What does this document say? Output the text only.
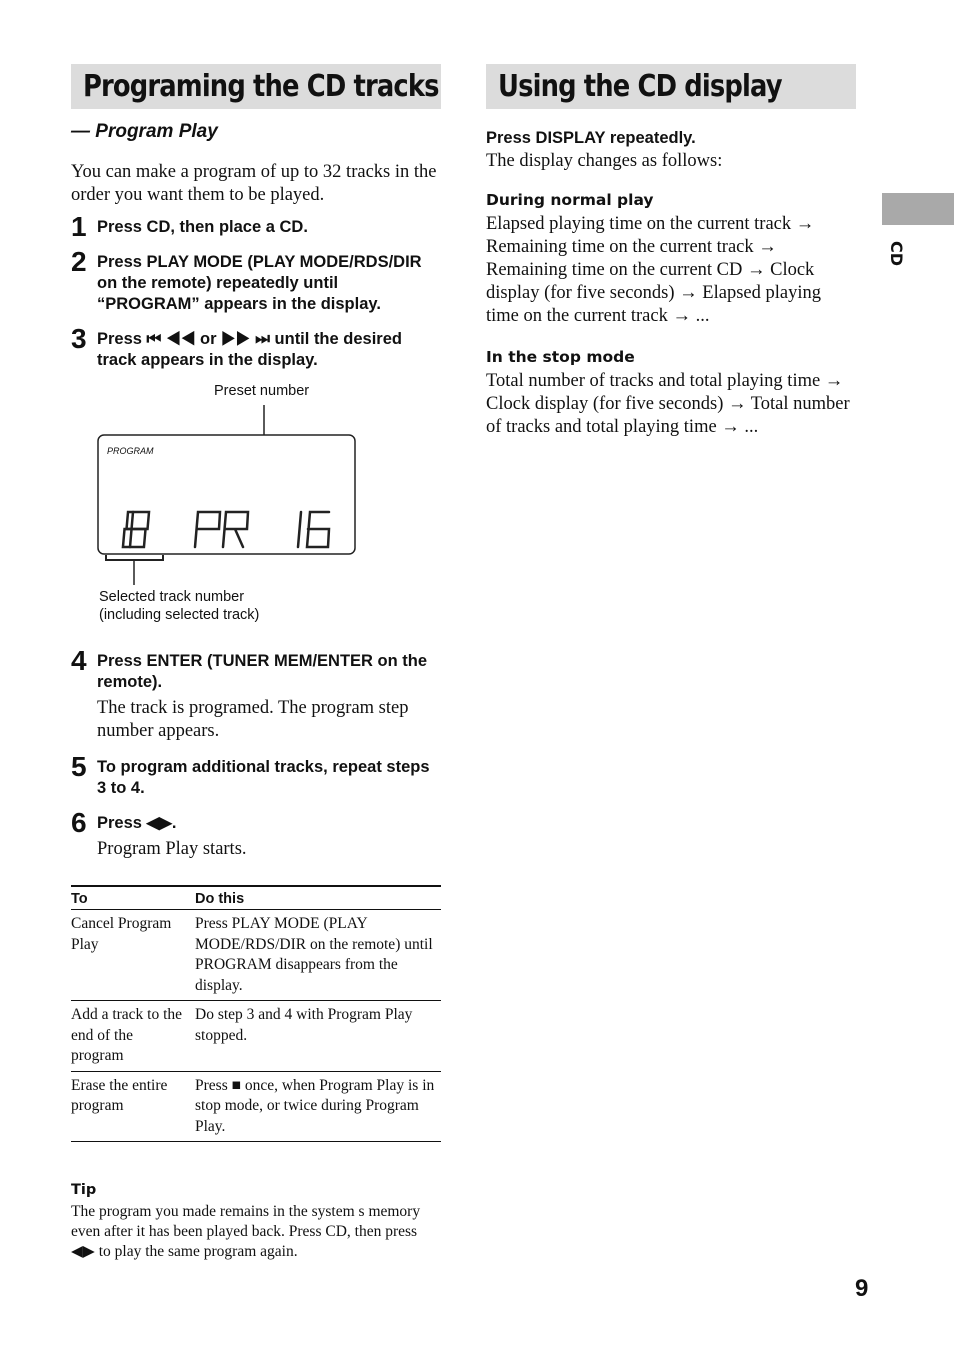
Programing the CD tracks
— Program Play
You can make a program of up to 32 tracks in the order you want them to be played.
1 Press CD, then place a CD.
2 Press PLAY MODE (PLAY MODE/RDS/DIR on the remote) repeatedly until “PROGRAM” appears in the display.
3 Press ⏮ ◀◀ or ▶▶ ⏭ until the desired track appears in the display.
Preset number
PROGRAM
Selected track number
(including selected track)
4 Press ENTER (TUNER MEM/ENTER on the remote).
The track is programed. The program step number appears.
5 To program additional tracks, repeat steps 3 to 4.
6 Press ◀▶.
Program Play starts.
To	Do this
Cancel Program Play	Press PLAY MODE (PLAY MODE/RDS/DIR on the remote) until PROGRAM disappears from the display.
Add a track to the end of the program	Do step 3 and 4 with Program Play stopped.
Erase the entire program	Press ■ once, when Program Play is in stop mode, or twice during Program Play.
Tip
The program you made remains in the system s memory even after it has been played back. Press CD, then press ◀▶ to play the same program again.
Using the CD display
Press DISPLAY repeatedly.
The display changes as follows:
During normal play
Elapsed playing time on the current track → Remaining time on the current track → Remaining time on the current CD → Clock display (for five seconds) → Elapsed playing time on the current track → ...
In the stop mode
Total number of tracks and total playing time → Clock display (for five seconds) → Total number of tracks and total playing time → ...
CD
9
